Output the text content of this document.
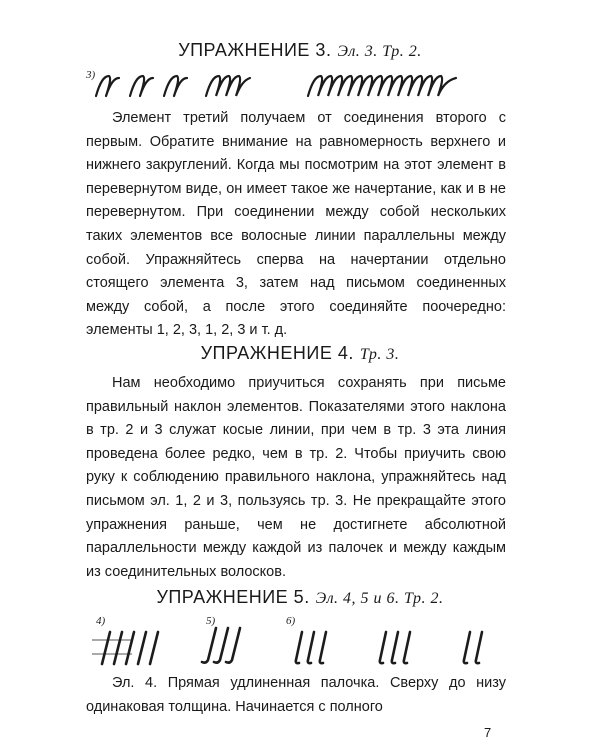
УПРАЖНЕНИЕ 3. Эл. 3. Тр. 2.
3)

Элемент третий получаем от соединения второго с первым. Обратите внимание на равномерность верхнего и нижнего закруглений. Когда мы посмотрим на этот элемент в перевернутом виде, он имеет такое же начертание, как и в не перевернутом. При соединении между собой нескольких таких элементов все волосные линии параллельны между собой. Упражняйтесь сперва на начертании отдельно стоящего элемента 3, затем над письмом соединенных между собой, а после этого соединяйте поочередно: элементы 1, 2, 3, 1, 2, 3 и т. д.

УПРАЖНЕНИЕ 4. Тр. 3.

Нам необходимо приучиться сохранять при письме правильный наклон элементов. Показателями этого наклона в тр. 2 и 3 служат косые линии, при чем в тр. 3 эта линия проведена более редко, чем в тр. 2. Чтобы приучить свою руку к соблюдению правильного наклона, упражняйтесь над письмом эл. 1, 2 и 3, пользуясь тр. 3. Не прекращайте этого упражнения раньше, чем не достигнете абсолютной параллельности между каждой из палочек и между каждым из соединительных волосков.

УПРАЖНЕНИЕ 5. Эл. 4, 5 и 6. Тр. 2.
4)	5)	6)

Эл. 4. Прямая удлиненная палочка. Сверху до низу одинаковая толщина. Начинается с полного

7
